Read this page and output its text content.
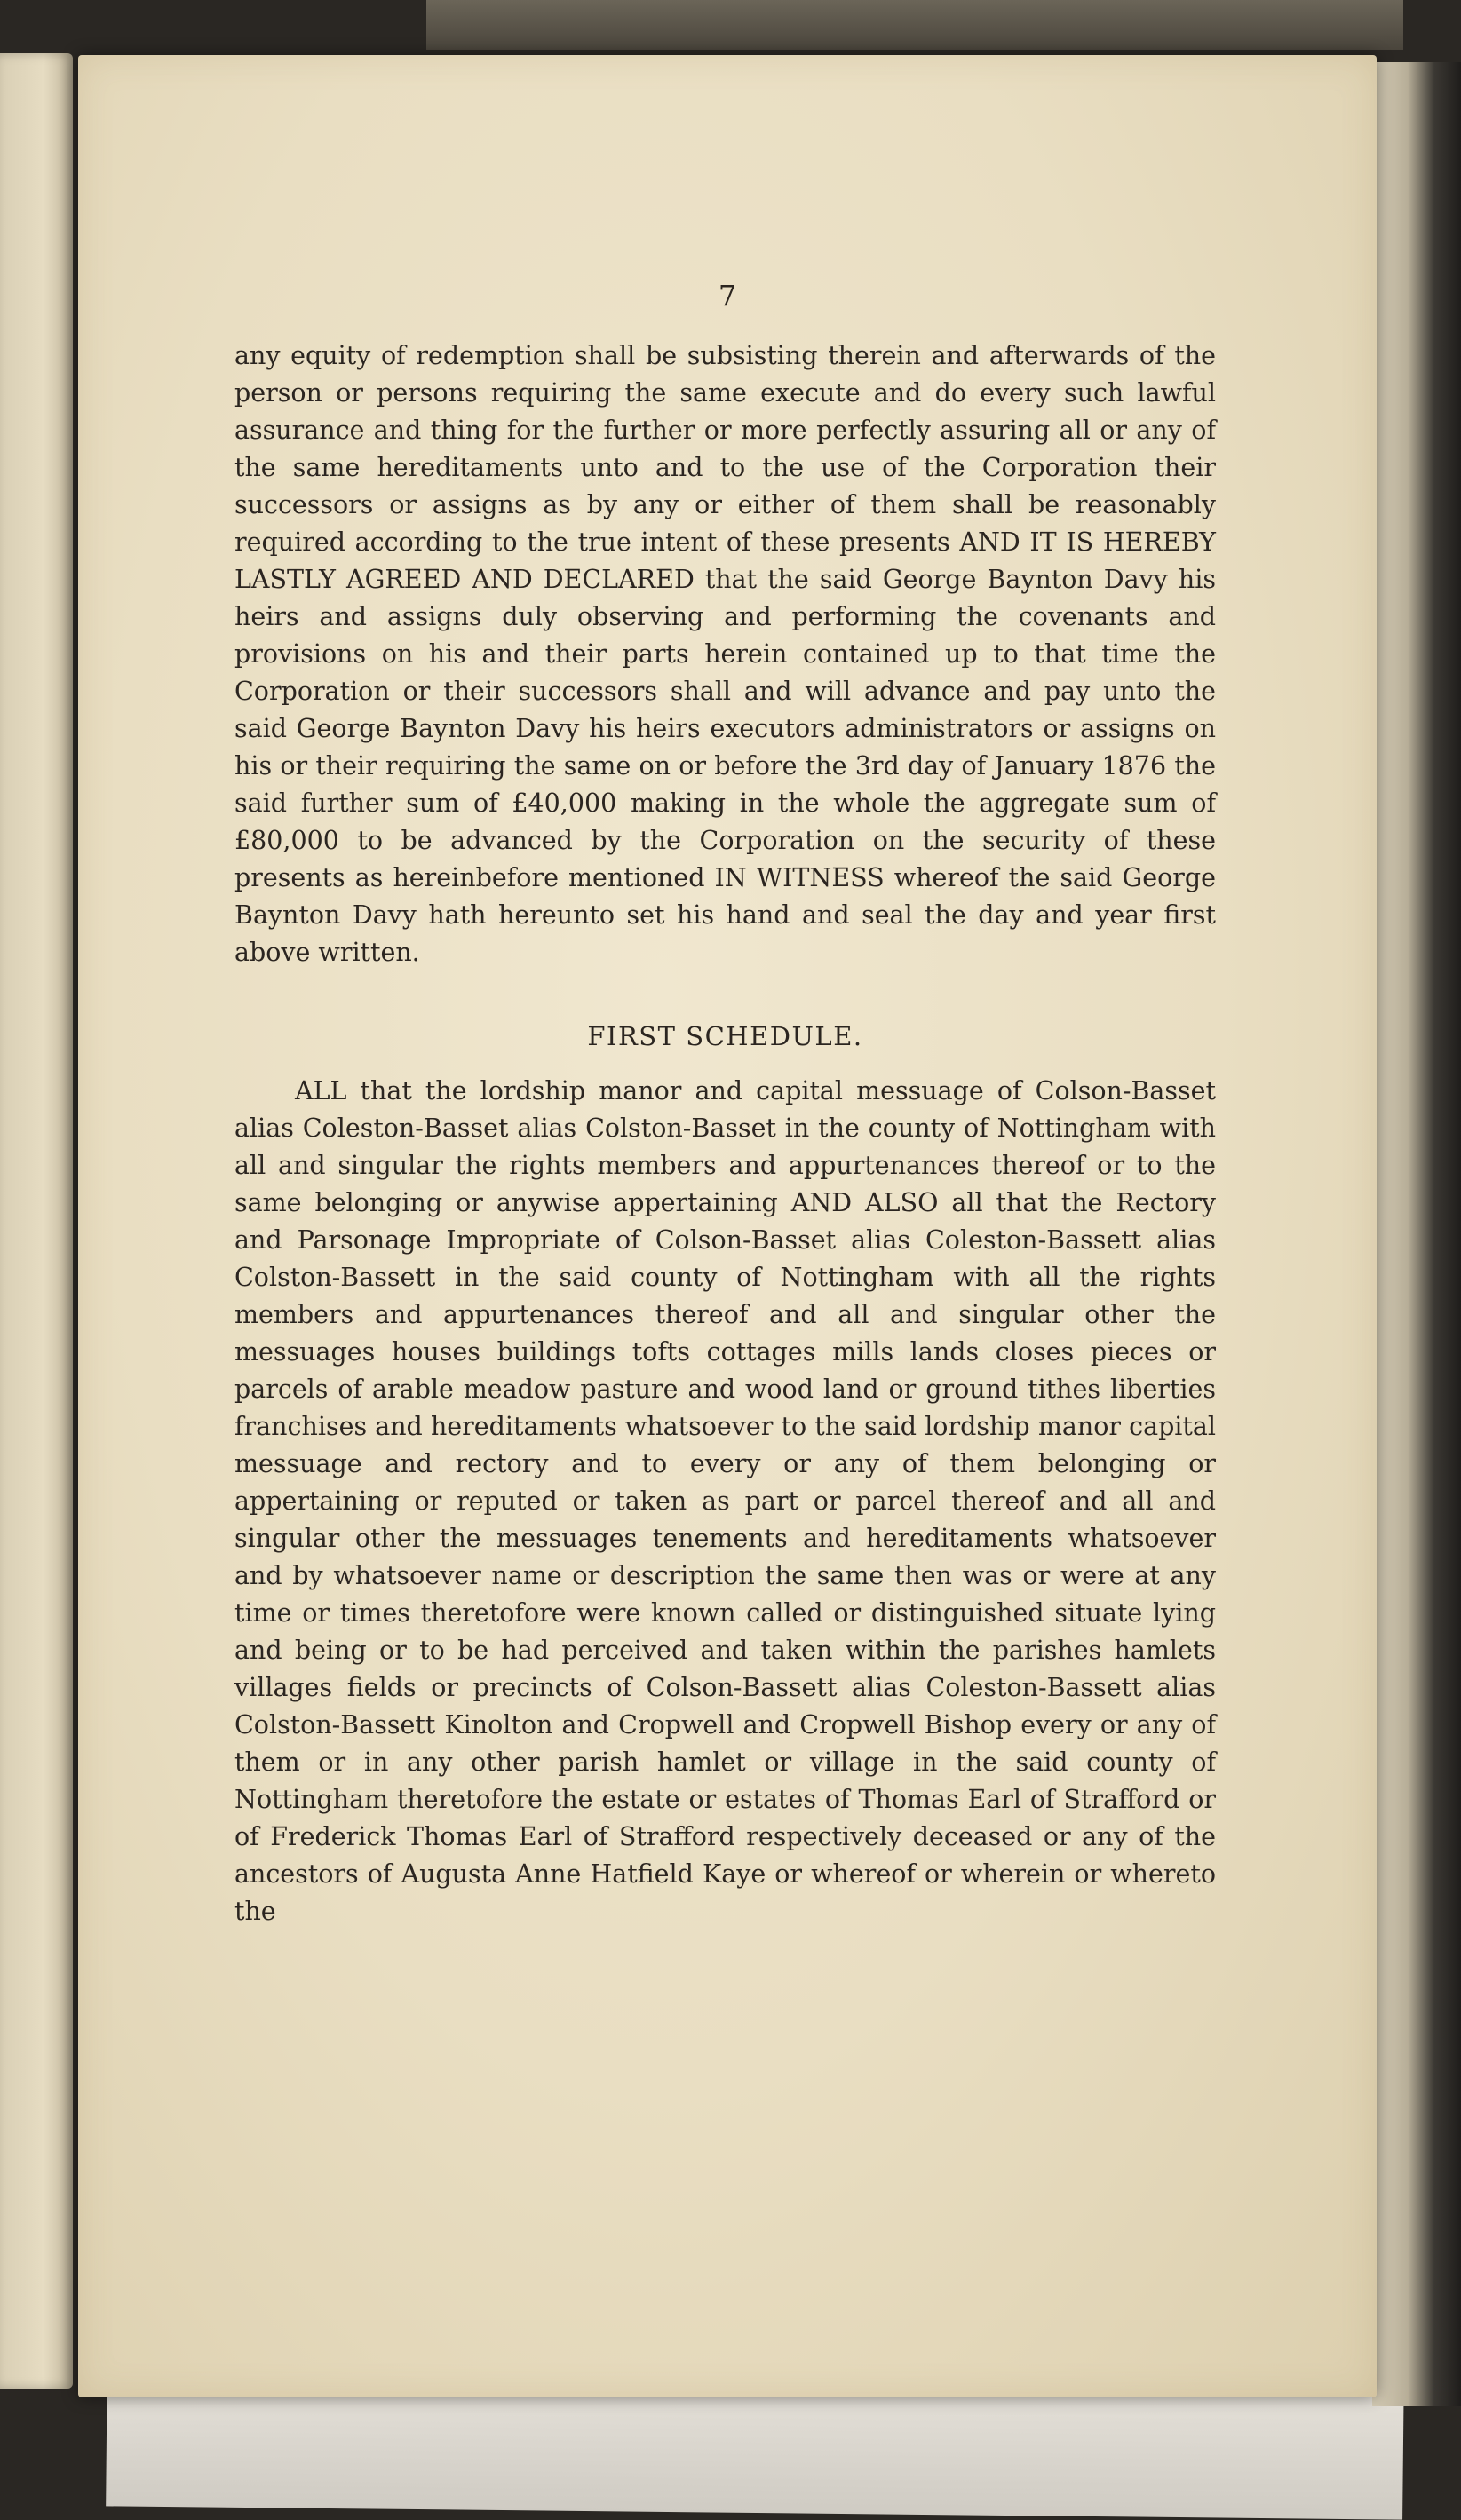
7

any equity of redemption shall be subsisting therein and afterwards of the person or persons requiring the same execute and do every such lawful assurance and thing for the further or more perfectly assuring all or any of the same hereditaments unto and to the use of the Corporation their successors or assigns as by any or either of them shall be reasonably required according to the true intent of these presents AND IT IS HEREBY LASTLY AGREED AND DECLARED that the said George Baynton Davy his heirs and assigns duly observing and performing the covenants and provisions on his and their parts herein contained up to that time the Corporation or their successors shall and will advance and pay unto the said George Baynton Davy his heirs executors administrators or assigns on his or their requiring the same on or before the 3rd day of January 1876 the said further sum of £40,000 making in the whole the aggregate sum of £80,000 to be advanced by the Corporation on the security of these presents as hereinbefore mentioned IN WITNESS whereof the said George Baynton Davy hath hereunto set his hand and seal the day and year first above written.

FIRST SCHEDULE.

ALL that the lordship manor and capital messuage of Colson-Basset alias Coleston-Basset alias Colston-Basset in the county of Nottingham with all and singular the rights members and appurtenances thereof or to the same belonging or anywise appertaining AND ALSO all that the Rectory and Parsonage Impropriate of Colson-Basset alias Coleston-Bassett alias Colston-Bassett in the said county of Nottingham with all the rights members and appurtenances thereof and all and singular other the messuages houses buildings tofts cottages mills lands closes pieces or parcels of arable meadow pasture and wood land or ground tithes liberties franchises and hereditaments whatsoever to the said lordship manor capital messuage and rectory and to every or any of them belonging or appertaining or reputed or taken as part or parcel thereof and all and singular other the messuages tenements and hereditaments whatsoever and by whatsoever name or description the same then was or were at any time or times theretofore were known called or distinguished situate lying and being or to be had perceived and taken within the parishes hamlets villages fields or precincts of Colson-Bassett alias Coleston-Bassett alias Colston-Bassett Kinolton and Cropwell and Cropwell Bishop every or any of them or in any other parish hamlet or village in the said county of Nottingham theretofore the estate or estates of Thomas Earl of Strafford or of Frederick Thomas Earl of Strafford respectively deceased or any of the ancestors of Augusta Anne Hatfield Kaye or whereof or wherein or whereto the
